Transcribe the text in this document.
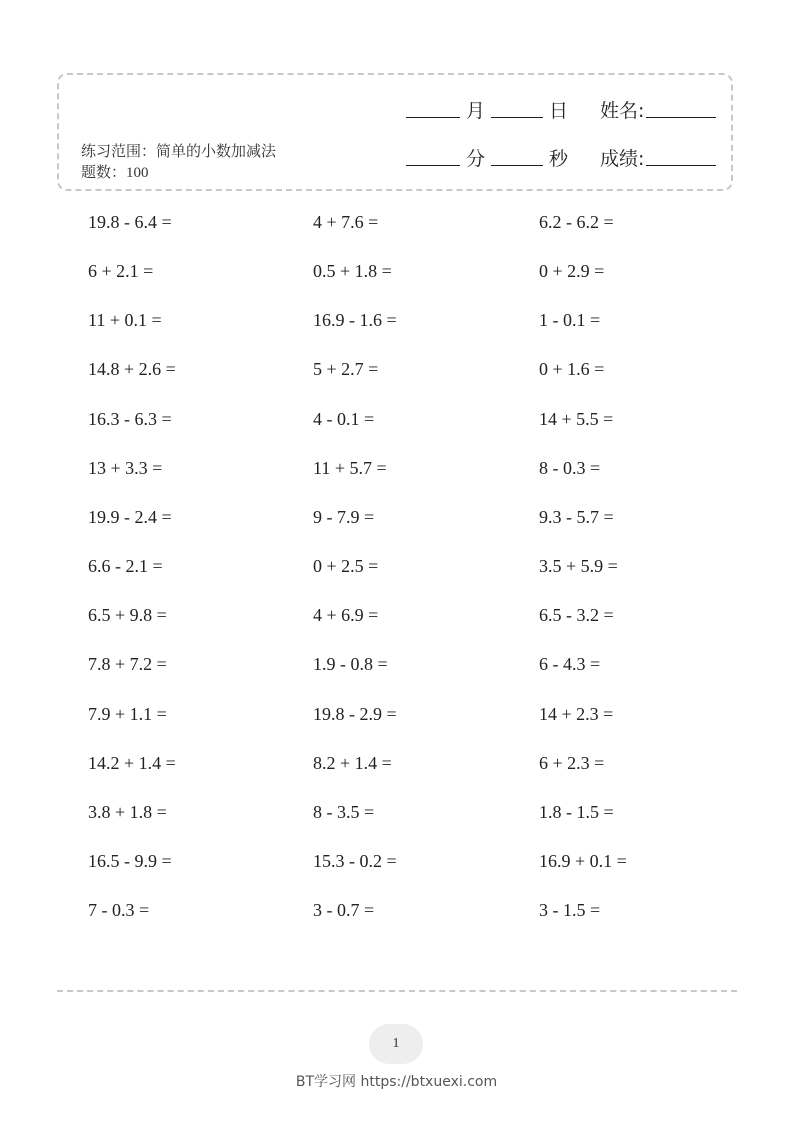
练习范围：简单的小数加减法
题数：100
月	日 姓名:
分	秒 成绩:
19.8 - 6.4 =	4 + 7.6 =	6.2 - 6.2 =
6 + 2.1 =	0.5 + 1.8 =	0 + 2.9 =
11 + 0.1 =	16.9 - 1.6 =	1 - 0.1 =
14.8 + 2.6 =	5 + 2.7 =	0 + 1.6 =
16.3 - 6.3 =	4 - 0.1 =	14 + 5.5 =
13 + 3.3 =	11 + 5.7 =	8 - 0.3 =
19.9 - 2.4 =	9 - 7.9 =	9.3 - 5.7 =
6.6 - 2.1 =	0 + 2.5 =	3.5 + 5.9 =
6.5 + 9.8 =	4 + 6.9 =	6.5 - 3.2 =
7.8 + 7.2 =	1.9 - 0.8 =	6 - 4.3 =
7.9 + 1.1 =	19.8 - 2.9 =	14 + 2.3 =
14.2 + 1.4 =	8.2 + 1.4 =	6 + 2.3 =
3.8 + 1.8 =	8 - 3.5 =	1.8 - 1.5 =
16.5 - 9.9 =	15.3 - 0.2 =	16.9 + 0.1 =
7 - 0.3 =	3 - 0.7 =	3 - 1.5 =
1
BT学习网 https://btxuexi.com
